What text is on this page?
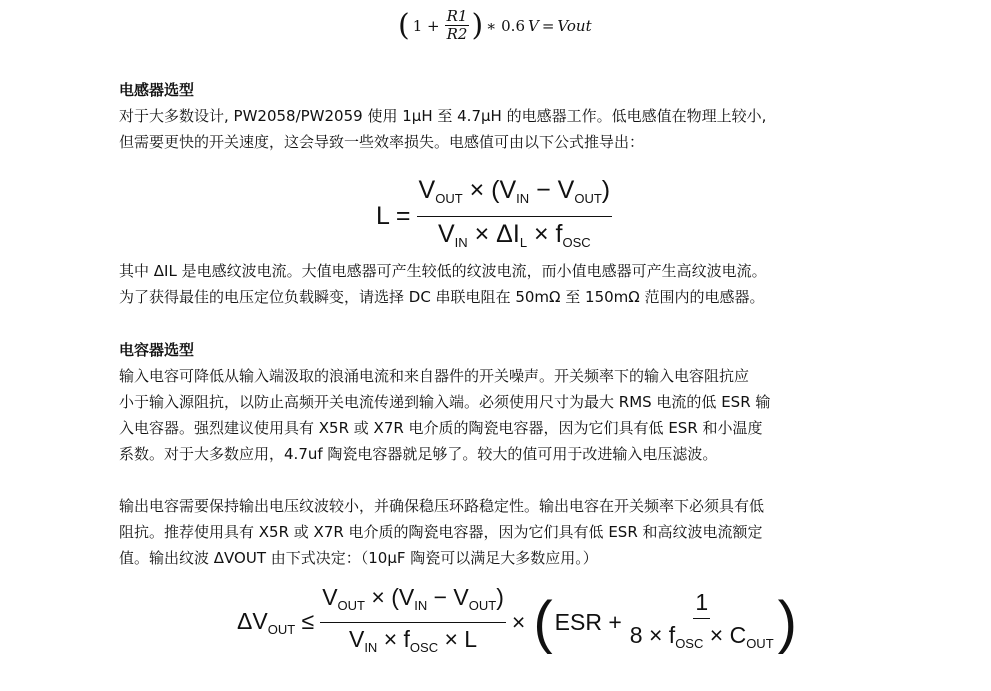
( $1 + \frac{R1}{R2}$ ) ∗ 0.6 V = Vout
电感器选型

对于大多数设计, PW2058/PW2059 使用 1μH 至 4.7μH 的电感器工作。低电感值在物理上较小,
但需要更快的开关速度，这会导致一些效率损失。电感值可由以下公式推导出：

$L = \frac{V_{OUT} \times (V_{IN} - V_{OUT})}{V_{IN} \times \Delta I_L \times f_{OSC}}$

其中 ΔIL 是电感纹波电流。大值电感器可产生较低的纹波电流，而小值电感器可产生高纹波电流。
为了获得最佳的电压定位负载瞬变，请选择 DC 串联电阻在 50mΩ 至 150mΩ 范围内的电感器。

电容器选型

输入电容可降低从输入端汲取的浪涌电流和来自器件的开关噪声。开关频率下的输入电容阻抗应
小于输入源阻抗，以防止高频开关电流传递到输入端。必须使用尺寸为最大 RMS 电流的低 ESR 输
入电容器。强烈建议使用具有 X5R 或 X7R 电介质的陶瓷电容器，因为它们具有低 ESR 和小温度
系数。对于大多数应用，4.7uf 陶瓷电容器就足够了。较大的值可用于改进输入电压滤波。

输出电容需要保持输出电压纹波较小，并确保稳压环路稳定性。输出电容在开关频率下必须具有低
阻抗。推荐使用具有 X5R 或 X7R 电介质的陶瓷电容器，因为它们具有低 ESR 和高纹波电流额定
值。输出纹波 ΔVOUT 由下式决定：（10μF 陶瓷可以满足大多数应用。）

$\Delta V_{OUT} \le \frac{V_{OUT} \times (V_{IN} - V_{OUT})}{V_{IN} \times f_{OSC} \times L}$ × ( ESR + $\frac{1}{8 \times f_{OSC} \times C_{OUT}}$ )
